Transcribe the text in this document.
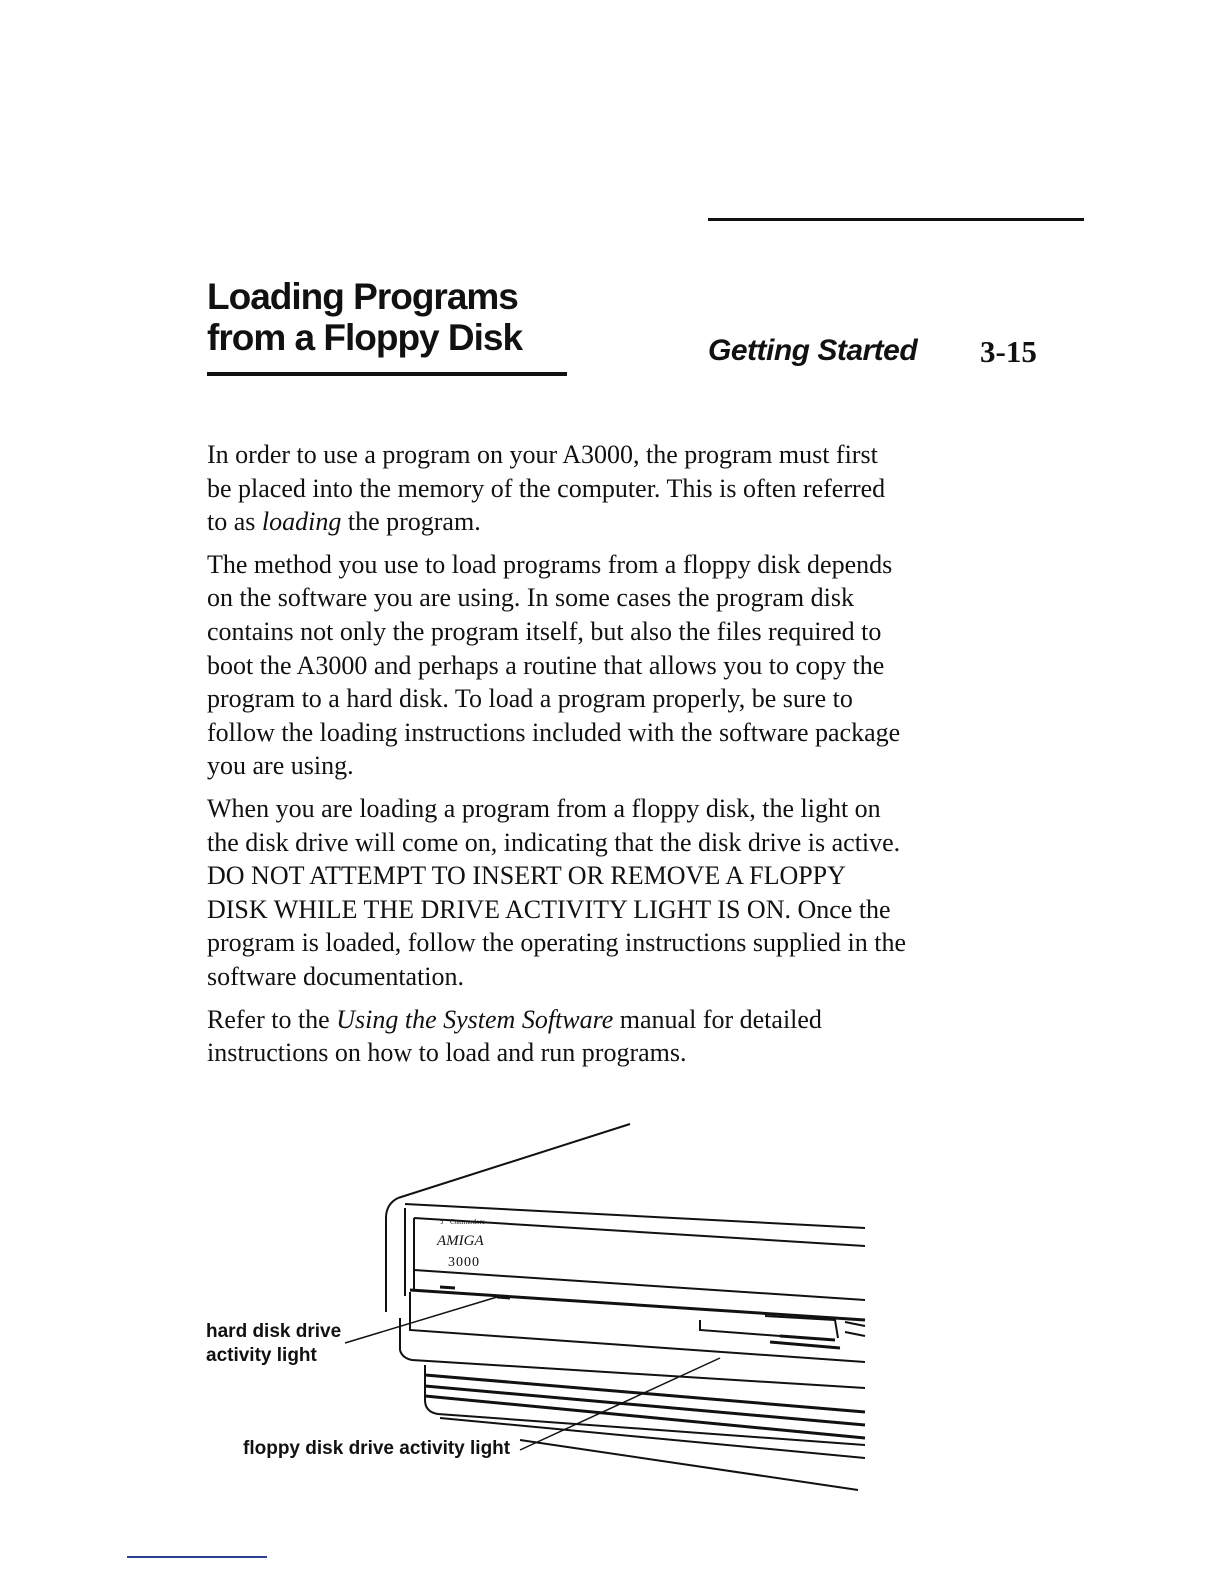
Getting Started 3-15
Loading Programs
from a Floppy Disk

In order to use a program on your A3000, the program must first be placed into the memory of the computer. This is often referred to as loading the program.

The method you use to load programs from a floppy disk depends on the software you are using. In some cases the program disk contains not only the program itself, but also the files required to boot the A3000 and perhaps a routine that allows you to copy the program to a hard disk. To load a program properly, be sure to follow the loading instructions included with the software package you are using.

When you are loading a program from a floppy disk, the light on the disk drive will come on, indicating that the disk drive is active. DO NOT ATTEMPT TO INSERT OR REMOVE A FLOPPY DISK WHILE THE DRIVE ACTIVITY LIGHT IS ON. Once the program is loaded, follow the operating instructions supplied in the software documentation.

Refer to the Using the System Software manual for detailed instructions on how to load and run programs.

ↄ Commodore
AMIGA
3000
hard disk drive
activity light
floppy disk drive activity light
